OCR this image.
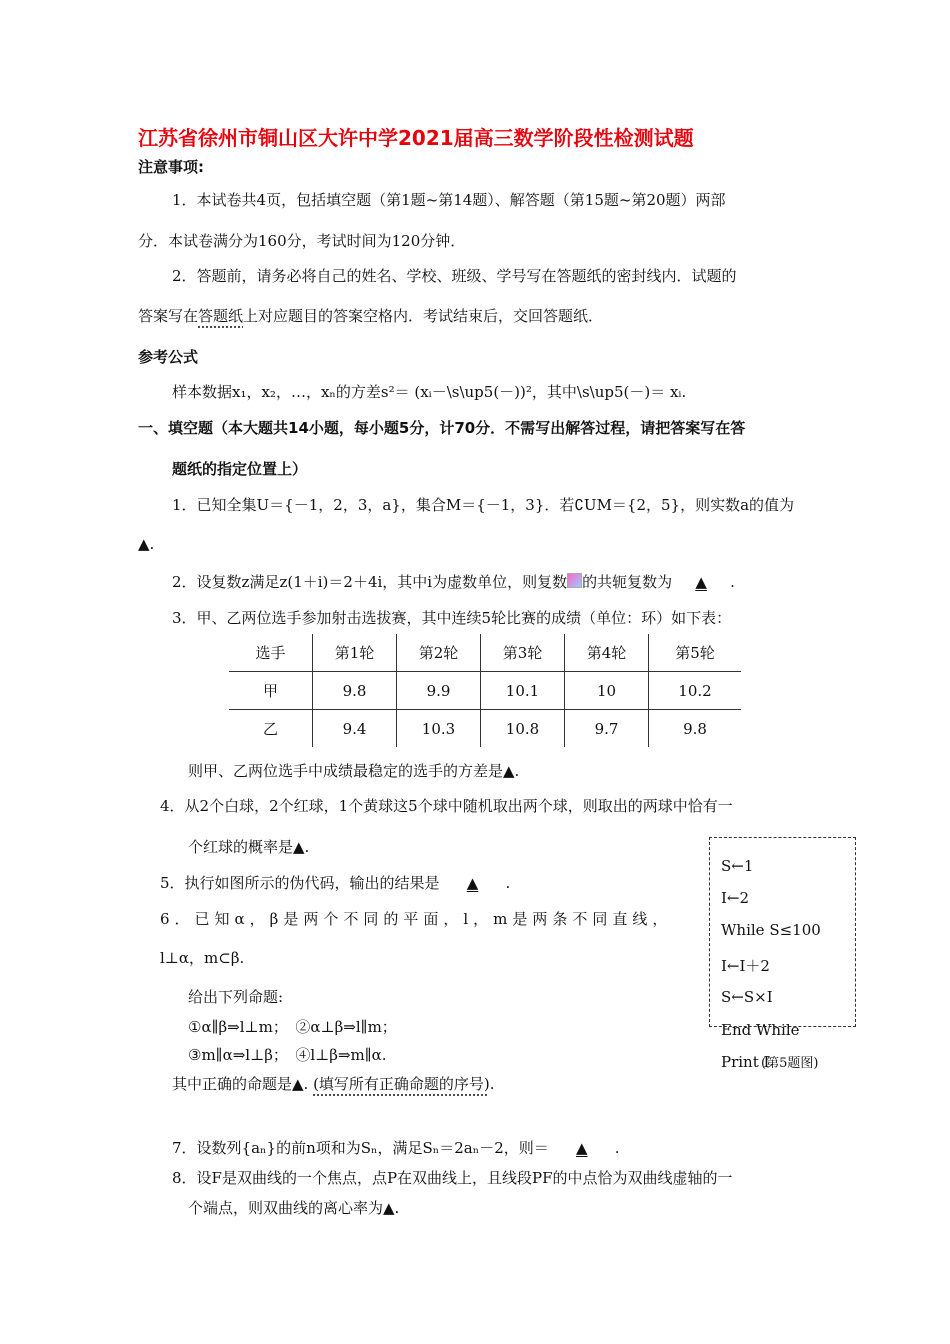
江苏省徐州市铜山区大许中学2021届高三数学阶段性检测试题
注意事项:
1．本试卷共4页，包括填空题（第1题~第14题）、解答题（第15题~第20题）两部
分．本试卷满分为160分，考试时间为120分钟．
2．答题前，请务必将自己的姓名、学校、班级、学号写在答题纸的密封线内．试题的
答案写在答题纸上对应题目的答案空格内．考试结束后，交回答题纸．
参考公式
样本数据x₁，x₂，…，xₙ的方差s²＝ (xᵢ－\s\up5(－))²，其中\s\up5(－)＝ xᵢ.
一、填空题（本大题共14小题，每小题5分，计70分．不需写出解答过程，请把答案写在答
题纸的指定位置上）
1．已知全集U＝{－1，2，3，a}，集合M＝{－1，3}．若∁UM＝{2，5}，则实数a的值为
▲.
2．设复数z满足z(1＋i)＝2＋4i，其中i为虚数单位，则复数 的共轭复数为 ▲ .
3．甲、乙两位选手参加射击选拔赛，其中连续5轮比赛的成绩（单位：环）如下表：
选手	第1轮	第2轮	第3轮	第4轮	第5轮
甲	9.8	9.9	10.1	10	10.2
乙	9.4	10.3	10.8	9.7	9.8
则甲、乙两位选手中成绩最稳定的选手的方差是▲.
4．从2个白球，2个红球，1个黄球这5个球中随机取出两个球，则取出的两球中恰有一
个红球的概率是▲.
5．执行如图所示的伪代码，输出的结果是 ▲ .
S←1
I←2
While S≤100
I←I＋2
S←S×I
End While
Print I
(第5题图)
6．已知α，β是两个不同的平面，l，m是两条不同直线，
l⊥α，m⊂β.
给出下列命题:
①α∥β⇒l⊥m；　②α⊥β⇒l∥m；
③m∥α⇒l⊥β；　④l⊥β⇒m∥α.
其中正确的命题是▲. (填写所有正确命题的序号).
7．设数列{aₙ}的前n项和为Sₙ，满足Sₙ＝2aₙ－2，则＝ ▲ .
8．设F是双曲线的一个焦点，点P在双曲线上，且线段PF的中点恰为双曲线虚轴的一
个端点，则双曲线的离心率为▲.
